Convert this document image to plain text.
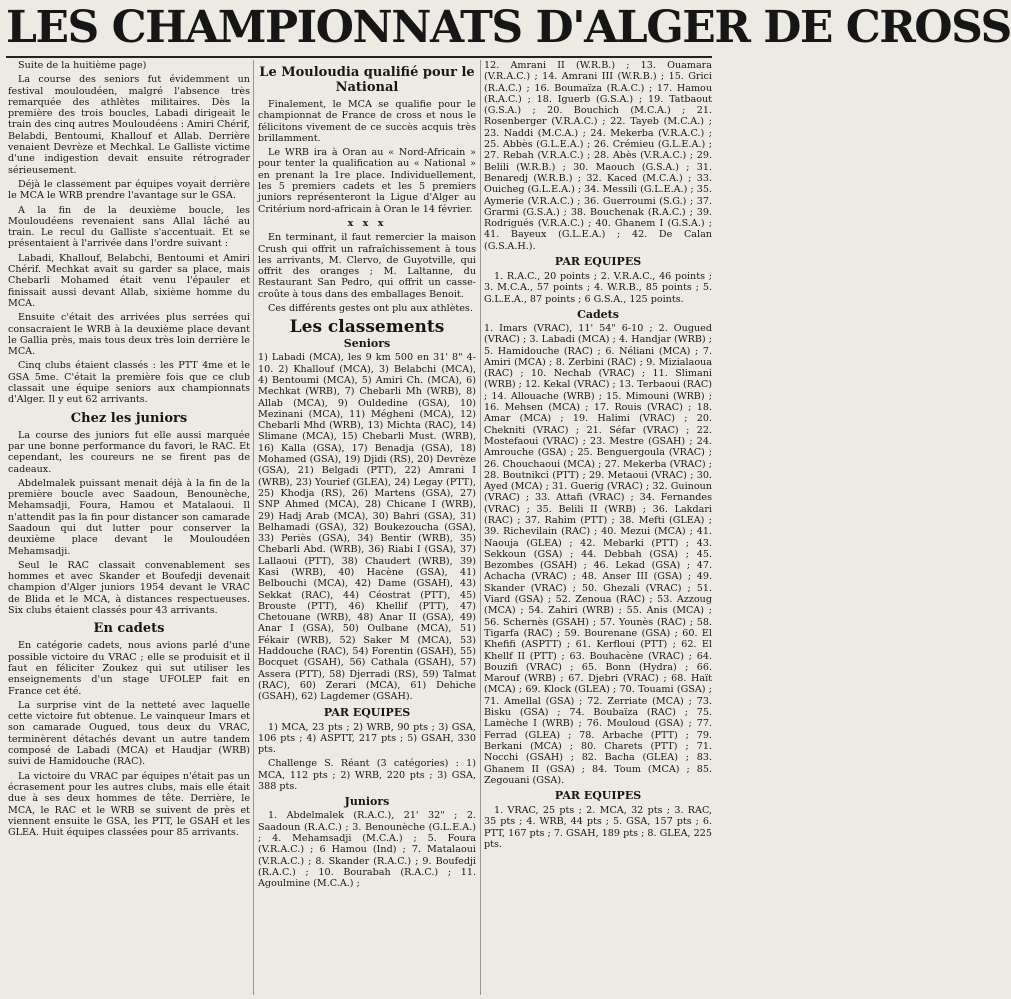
LES CHAMPIONNATS D'ALGER DE CROSS

Suite de la huitième page)

La course des seniors fut évidemment un festival mouloudéen, malgré l'absence très remarquée des athlètes militaires. Dès la première des trois boucles, Labadi dirigeait le train des cinq autres Mouloudéens : Amiri Chérif, Belabdi, Bentoumi, Khallouf et Allab. Derrière venaient Devrèze et Mechkal. Le Galliste victime d'une indigestion devait ensuite rétrograder sérieusement.

Déjà le classement par équipes voyait derrière le MCA le WRB prendre l'avantage sur le GSA.

A la fin de la deuxième boucle, les Mouloudéens revenaient sans Allal lâché au train. Le recul du Galliste s'accentuait. Et se présentaient à l'arrivée dans l'ordre suivant :

Labadi, Khallouf, Belabchi, Bentoumi et Amiri Chérif. Mechkat avait su garder sa place, mais Chebarli Mohamed était venu l'épauler et finissait aussi devant Allab, sixième homme du MCA.

Ensuite c'était des arrivées plus serrées qui consacraient le WRB à la deuxième place devant le Gallia près, mais tous deux très loin derrière le MCA.

Cinq clubs étaient classés : les PTT 4me et le GSA 5me. C'était la première fois que ce club classait une équipe seniors aux championnats d'Alger. Il y eut 62 arrivants.

Chez les juniors

La course des juniors fut elle aussi marquée par une bonne performance du favori, le RAC. Et cependant, les coureurs ne se firent pas de cadeaux.

Abdelmalek puissant menait déjà à la fin de la première boucle avec Saadoun, Benounèche, Mehamsadji, Foura, Hamou et Matalaoui. Il n'attendit pas la fin pour distancer son camarade Saadoun qui dut lutter pour conserver la deuxième place devant le Mouloudéen Mehamsadji.

Seul le RAC classait convenablement ses hommes et avec Skander et Boufedji devenait champion d'Alger juniors 1954 devant le VRAC de Blida et le MCA, à distances respectueuses. Six clubs étaient classés pour 43 arrivants.

En cadets

En catégorie cadets, nous avions parlé d'une possible victoire du VRAC ; elle se produisit et il faut en féliciter Zoukez qui sut utiliser les enseignements d'un stage UFOLEP fait en France cet été.

La surprise vint de la netteté avec laquelle cette victoire fut obtenue. Le vainqueur Imars et son camarade Ougued, tous deux du VRAC, terminèrent détachés devant un autre tandem composé de Labadi (MCA) et Haudjar (WRB) suivi de Hamidouche (RAC).

La victoire du VRAC par équipes n'était pas un écrasement pour les autres clubs, mais elle était due à ses deux hommes de tête. Derrière, le MCA, le RAC et le WRB se suivent de près et viennent ensuite le GSA, les PTT, le GSAH et les GLEA. Huit équipes classées pour 85 arrivants.

Le Mouloudia qualifié pour le National

Finalement, le MCA se qualifie pour le championnat de France de cross et nous le félicitons vivement de ce succès acquis très brillamment.

Le WRB ira à Oran au « Nord-Africain » pour tenter la qualification au « National » en prenant la 1re place. Individuellement, les 5 premiers cadets et les 5 premiers juniors représenteront la Ligue d'Alger au Critérium nord-africain à Oran le 14 février.

x x x

En terminant, il faut remercier la maison Crush qui offrit un rafraîchissement à tous les arrivants, M. Clervo, de Guyotville, qui offrit des oranges ; M. Laltanne, du Restaurant San Pedro, qui offrit un casse-croûte à tous dans des emballages Benoit.

Ces différents gestes ont plu aux athlètes.

Les classements
Seniors

1) Labadi (MCA), les 9 km 500 en 31' 8" 4-10. 2) Khallouf (MCA), 3) Belabchi (MCA), 4) Bentoumi (MCA), 5) Amiri Ch. (MCA), 6) Mechkat (WRB), 7) Chebarli Mh (WRB), 8) Allab (MCA), 9) Ouldedine (GSA), 10) Mezinani (MCA), 11) Mégheni (MCA), 12) Chebarli Mhd (WRB), 13) Michta (RAC), 14) Slimane (MCA), 15) Chebarli Must. (WRB), 16) Kalla (GSA), 17) Benadja (GSA), 18) Mohamed (GSA), 19) Djidi (RS), 20) Devrèze (GSA), 21) Belgadi (PTT), 22) Amrani I (WRB), 23) Yourief (GLEA), 24) Legay (PTT), 25) Khodja (RS), 26) Martens (GSA), 27) SNP Ahmed (MCA), 28) Chicane I (WRB), 29) Hadj Arab (MCA), 30) Bahri (GSA), 31) Belhamadi (GSA), 32) Boukezoucha (GSA), 33) Periès (GSA), 34) Bentir (WRB), 35) Chebarli Abd. (WRB), 36) Riabi I (GSA), 37) Lallaoui (PTT), 38) Chaudert (WRB), 39) Kasi (WRB), 40) Hacène (GSA), 41) Belbouchi (MCA), 42) Dame (GSAH), 43) Sekkat (RAC), 44) Céostrat (PTT), 45) Brouste (PTT), 46) Khellif (PTT), 47) Chetouane (WRB), 48) Anar II (GSA), 49) Anar I (GSA), 50) Oulbane (MCA), 51) Fékair (WRB), 52) Saker M (MCA), 53) Haddouche (RAC), 54) Forentin (GSAH), 55) Bocquet (GSAH), 56) Cathala (GSAH), 57) Assera (PTT), 58) Djerradi (RS), 59) Talmat (RAC), 60) Zerari (MCA), 61) Dehiche (GSAH), 62) Lagdemer (GSAH).

PAR EQUIPES

1) MCA, 23 pts ; 2) WRB, 90 pts ; 3) GSA, 106 pts ; 4) ASPTT, 217 pts ; 5) GSAH, 330 pts.

Challenge S. Réant (3 catégories) : 1) MCA, 112 pts ; 2) WRB, 220 pts ; 3) GSA, 388 pts.

Juniors

1. Abdelmalek (R.A.C.), 21' 32" ; 2. Saadoun (R.A.C.) ; 3. Benounèche (G.L.E.A.) ; 4. Mehamsadji (M.C.A.) ; 5. Foura (V.R.A.C.) ; 6 Hamou (Ind) ; 7. Matalaoui (V.R.A.C.) ; 8. Skander (R.A.C.) ; 9. Boufedji (R.A.C.) ; 10. Bourabah (R.A.C.) ; 11. Agoulmine (M.C.A.) ;

12. Amrani II (W.R.B.) ; 13. Ouamara (V.R.A.C.) ; 14. Amrani III (W.R.B.) ; 15. Grici (R.A.C.) ; 16. Boumaïza (R.A.C.) ; 17. Hamou (R.A.C.) ; 18. Iguerb (G.S.A.) ; 19. Tatbaout (G.S.A.) ; 20. Bouchich (M.C.A.) ; 21. Rosenberger (V.R.A.C.) ; 22. Tayeb (M.C.A.) ; 23. Naddi (M.C.A.) ; 24. Mekerba (V.R.A.C.) ; 25. Abbès (G.L.E.A.) ; 26. Crémieu (G.L.E.A.) ; 27. Rebah (V.R.A.C.) ; 28. Abès (V.R.A.C.) ; 29. Belili (W.R.B.) ; 30. Maouch (G.S.A.) ; 31. Benaredj (W.R.B.) ; 32. Kaced (M.C.A.) ; 33. Ouicheg (G.L.E.A.) ; 34. Messili (G.L.E.A.) ; 35. Aymerie (V.R.A.C.) ; 36. Guerroumi (S.G.) ; 37. Grarmi (G.S.A.) ; 38. Bouchenak (R.A.C.) ; 39. Rodrigués (V.R.A.C.) ; 40. Ghanem I (G.S.A.) ; 41. Bayeux (G.L.E.A.) ; 42. De Calan (G.S.A.H.).

PAR EQUIPES

1. R.A.C., 20 points ; 2. V.R.A.C., 46 points ; 3. M.C.A., 57 points ; 4. W.R.B., 85 points ; 5. G.L.E.A., 87 points ; 6 G.S.A., 125 points.

Cadets

1. Imars (VRAC), 11' 54" 6-10 ; 2. Ougued (VRAC) ; 3. Labadi (MCA) ; 4. Handjar (WRB) ; 5. Hamidouche (RAC) ; 6. Néliani (MCA) ; 7. Amiri (MCA) ; 8. Zerbini (RAC) ; 9. Mizialaoua (RAC) ; 10. Nechab (VRAC) ; 11. Slimani (WRB) ; 12. Kekal (VRAC) ; 13. Terbaoui (RAC) ; 14. Allouache (WRB) ; 15. Mimouni (WRB) ; 16. Mehsen (MCA) ; 17. Rouis (VRAC) ; 18. Amar (MCA) ; 19. Halimi (VRAC) ; 20. Chekniti (VRAC) ; 21. Séfar (VRAC) ; 22. Mostefaoui (VRAC) ; 23. Mestre (GSAH) ; 24. Amrouche (GSA) ; 25. Benguergoula (VRAC) ; 26. Chouchaoui (MCA) ; 27. Mekerba (VRAC) ; 28. Boutnikci (PTT) ; 29. Metaoui (VRAC) ; 30. Ayed (MCA) ; 31. Guerig (VRAC) ; 32. Guinoun (VRAC) ; 33. Attafi (VRAC) ; 34. Fernandes (VRAC) ; 35. Belili II (WRB) ; 36. Lakdari (RAC) ; 37. Rahim (PTT) ; 38. Mefti (GLEA) ; 39. Richevilain (RAC) ; 40. Mezui (MCA) ; 41. Naouja (GLEA) ; 42. Mebarki (PTT) ; 43. Sekkoun (GSA) ; 44. Debbah (GSA) ; 45. Bezombes (GSAH) ; 46. Lekad (GSA) ; 47. Achacha (VRAC) ; 48. Anser III (GSA) ; 49. Skander (VRAC) ; 50. Ghezali (VRAC) ; 51. Viard (GSA) ; 52. Zenoua (RAC) ; 53. Azzoug (MCA) ; 54. Zahiri (WRB) ; 55. Anis (MCA) ; 56. Schernès (GSAH) ; 57. Younès (RAC) ; 58. Tigarfa (RAC) ; 59. Bourenane (GSA) ; 60. El Khefifi (ASPTT) ; 61. Kerfloui (PTT) ; 62. El Khellf II (PTT) ; 63. Bouhacène (VRAC) ; 64. Bouzifi (VRAC) ; 65. Bonn (Hydra) ; 66. Marouf (WRB) ; 67. Djebri (VRAC) ; 68. Haït (MCA) ; 69. Klock (GLEA) ; 70. Touami (GSA) ; 71. Amellal (GSA) ; 72. Zerriate (MCA) ; 73. Bisku (GSA) ; 74. Boubaïza (RAC) ; 75. Lamèche I (WRB) ; 76. Mouloud (GSA) ; 77. Ferrad (GLEA) ; 78. Arbache (PTT) ; 79. Berkani (MCA) ; 80. Charets (PTT) ; 71. Nocchi (GSAH) ; 82. Bacha (GLEA) ; 83. Ghanem II (GSA) ; 84. Toum (MCA) ; 85. Zegouani (GSA).

PAR EQUIPES

1. VRAC, 25 pts ; 2. MCA, 32 pts ; 3. RAC, 35 pts ; 4. WRB, 44 pts ; 5. GSA, 157 pts ; 6. PTT, 167 pts ; 7. GSAH, 189 pts ; 8. GLEA, 225 pts.
